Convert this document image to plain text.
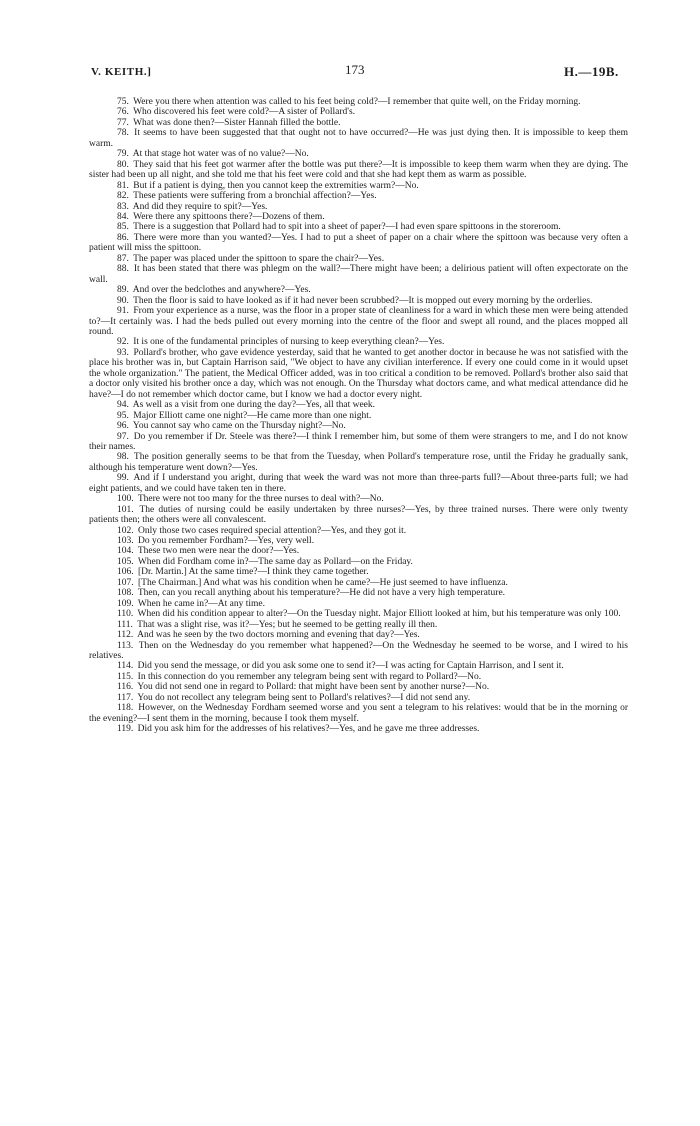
V. KEITH.]	173	H.—19B.

75. Were you there when attention was called to his feet being cold?—I remember that quite well, on the Friday morning.

76. Who discovered his feet were cold?—A sister of Pollard's.

77. What was done then?—Sister Hannah filled the bottle.

78. It seems to have been suggested that that ought not to have occurred?—He was just dying then. It is impossible to keep them warm.

79. At that stage hot water was of no value?—No.

80. They said that his feet got warmer after the bottle was put there?—It is impossible to keep them warm when they are dying. The sister had been up all night, and she told me that his feet were cold and that she had kept them as warm as possible.

81. But if a patient is dying, then you cannot keep the extremities warm?—No.

82. These patients were suffering from a bronchial affection?—Yes.

83. And did they require to spit?—Yes.

84. Were there any spittoons there?—Dozens of them.

85. There is a suggestion that Pollard had to spit into a sheet of paper?—I had even spare spittoons in the storeroom.

86. There were more than you wanted?—Yes. I had to put a sheet of paper on a chair where the spittoon was because very often a patient will miss the spittoon.

87. The paper was placed under the spittoon to spare the chair?—Yes.

88. It has been stated that there was phlegm on the wall?—There might have been; a delirious patient will often expectorate on the wall.

89. And over the bedclothes and anywhere?—Yes.

90. Then the floor is said to have looked as if it had never been scrubbed?—It is mopped out every morning by the orderlies.

91. From your experience as a nurse, was the floor in a proper state of cleanliness for a ward in which these men were being attended to?—It certainly was. I had the beds pulled out every morning into the centre of the floor and swept all round, and the places mopped all round.

92. It is one of the fundamental principles of nursing to keep everything clean?—Yes.

93. Pollard's brother, who gave evidence yesterday, said that he wanted to get another doctor in because he was not satisfied with the place his brother was in, but Captain Harrison said, "We object to have any civilian interference. If every one could come in it would upset the whole organization." The patient, the Medical Officer added, was in too critical a condition to be removed. Pollard's brother also said that a doctor only visited his brother once a day, which was not enough. On the Thursday what doctors came, and what medical attendance did he have?—I do not remember which doctor came, but I know we had a doctor every night.

94. As well as a visit from one during the day?—Yes, all that week.

95. Major Elliott came one night?—He came more than one night.

96. You cannot say who came on the Thursday night?—No.

97. Do you remember if Dr. Steele was there?—I think I remember him, but some of them were strangers to me, and I do not know their names.

98. The position generally seems to be that from the Tuesday, when Pollard's temperature rose, until the Friday he gradually sank, although his temperature went down?—Yes.

99. And if I understand you aright, during that week the ward was not more than three-parts full?—About three-parts full; we had eight patients, and we could have taken ten in there.

100. There were not too many for the three nurses to deal with?—No.

101. The duties of nursing could be easily undertaken by three nurses?—Yes, by three trained nurses. There were only twenty patients then; the others were all convalescent.

102. Only those two cases required special attention?—Yes, and they got it.

103. Do you remember Fordham?—Yes, very well.

104. These two men were near the door?—Yes.

105. When did Fordham come in?—The same day as Pollard—on the Friday.

106. [Dr. Martin.] At the same time?—I think they came together.

107. [The Chairman.] And what was his condition when he came?—He just seemed to have influenza.

108. Then, can you recall anything about his temperature?—He did not have a very high temperature.

109. When he came in?—At any time.

110. When did his condition appear to alter?—On the Tuesday night. Major Elliott looked at him, but his temperature was only 100.

111. That was a slight rise, was it?—Yes; but he seemed to be getting really ill then.

112. And was he seen by the two doctors morning and evening that day?—Yes.

113. Then on the Wednesday do you remember what happened?—On the Wednesday he seemed to be worse, and I wired to his relatives.

114. Did you send the message, or did you ask some one to send it?—I was acting for Captain Harrison, and I sent it.

115. In this connection do you remember any telegram being sent with regard to Pollard?—No.

116. You did not send one in regard to Pollard: that might have been sent by another nurse?—No.

117. You do not recollect any telegram being sent to Pollard's relatives?—I did not send any.

118. However, on the Wednesday Fordham seemed worse and you sent a telegram to his relatives: would that be in the morning or the evening?—I sent them in the morning, because I took them myself.

119. Did you ask him for the addresses of his relatives?—Yes, and he gave me three addresses.
